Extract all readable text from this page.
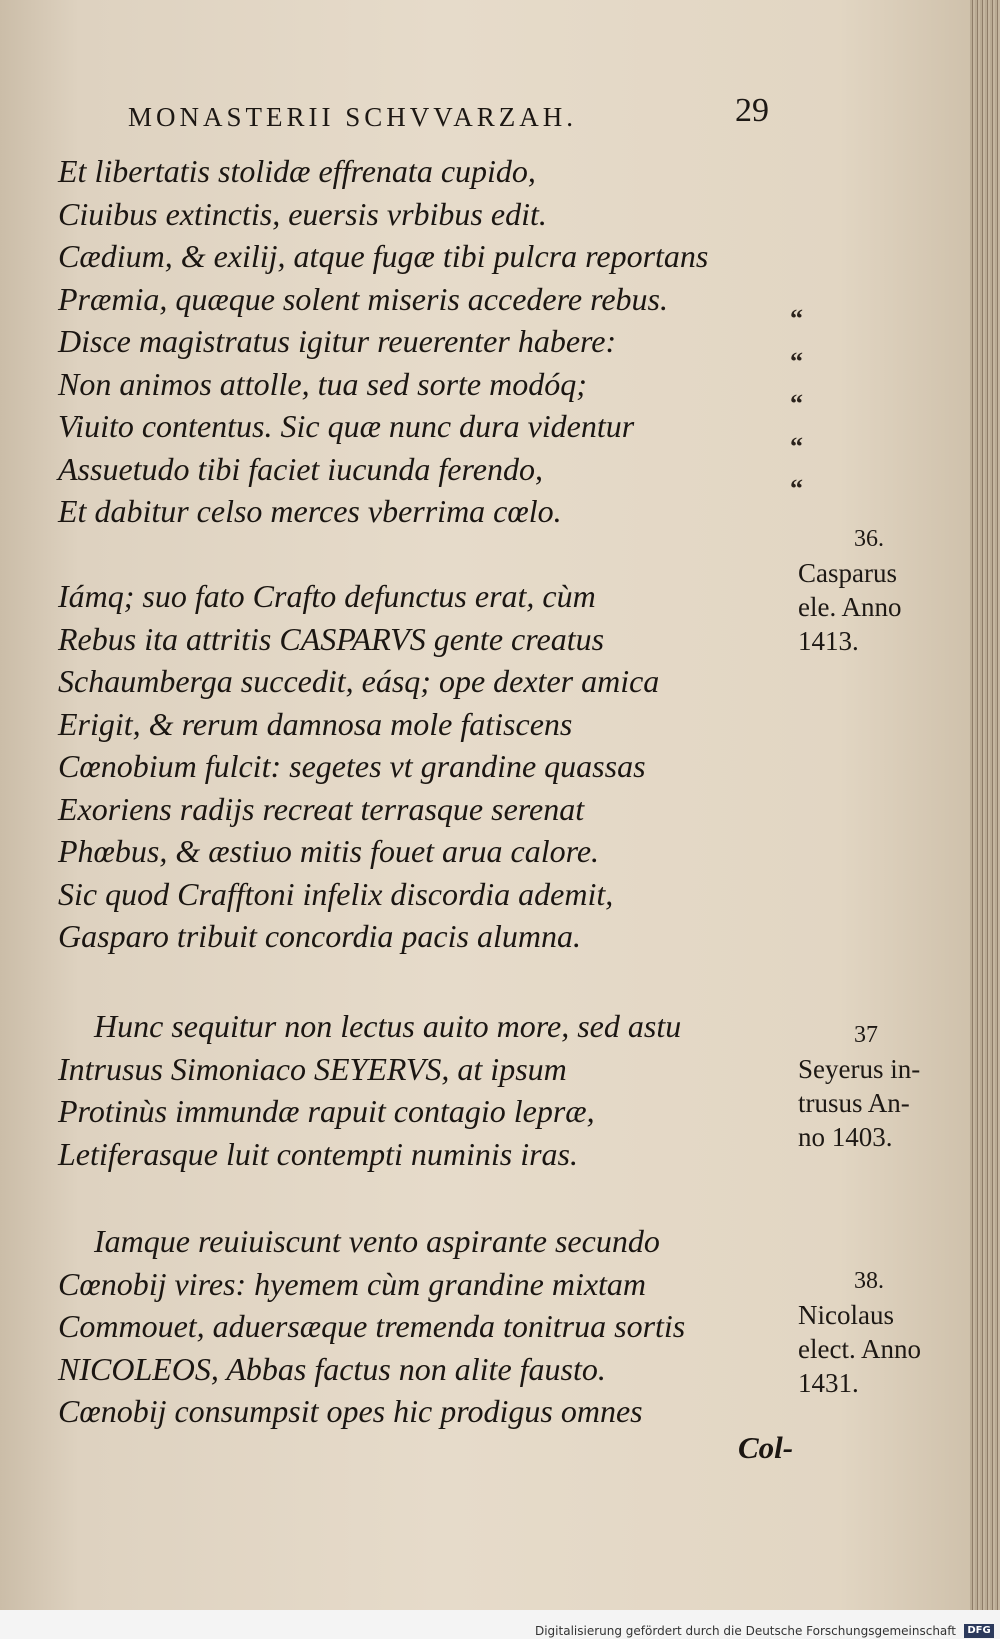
MONASTERII SCHVVARZAH.	29
Et libertatis stolidæ effrenata cupido,
Ciuibus extinctis, euersis vrbibus edit.
Cædium, & exilij, atque fugæ tibi pulcra reportans
Præmia, quæque solent miseris accedere rebus.
Disce magistratus igitur reuerenter habere:
Non animos attolle, tua sed sorte modóq;
Viuito contentus. Sic quæ nunc dura videntur
Assuetudo tibi faciet iucunda ferendo,
Et dabitur celso merces vberrima cœlo.
“
“
“
“
“
Iámq; suo fato Crafto defunctus erat, cùm
Rebus ita attritis CASPARVS gente creatus
Schaumberga succedit, eásq; ope dexter amica
Erigit, & rerum damnosa mole fatiscens
Cœnobium fulcit: segetes vt grandine quassas
Exoriens radijs recreat terrasque serenat
Phœbus, & æstiuo mitis fouet arua calore.
Sic quod Crafftoni infelix discordia ademit,
Gasparo tribuit concordia pacis alumna.
Hunc sequitur non lectus auito more, sed astu
Intrusus Simoniaco SEYERVS, at ipsum
Protinùs immundæ rapuit contagio lepræ,
Letiferasque luit contempti numinis iras.
Iamque reuiuiscunt vento aspirante secundo
Cœnobij vires: hyemem cùm grandine mixtam
Commouet, aduersæque tremenda tonitrua sortis
NICOLEOS, Abbas factus non alite fausto.
Cœnobij consumpsit opes hic prodigus omnes
36.
Casparus
ele. Anno
1413.
37
Seyerus in-
trusus An-
no 1403.
38.
Nicolaus
elect. Anno
1431.
Col-
Digitalisierung gefördert durch die Deutsche Forschungsgemeinschaft	DFG
